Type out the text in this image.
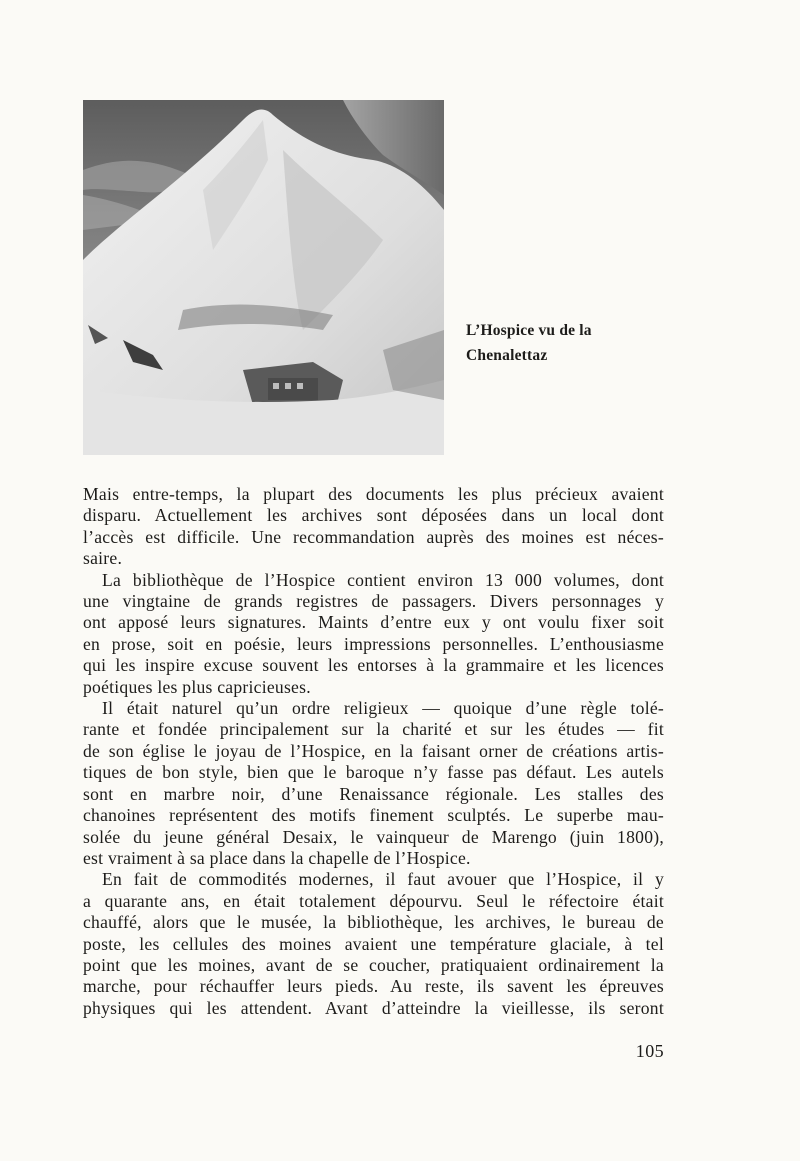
L’Hospice vu de la
Chenalettaz

Mais entre-temps, la plupart des documents les plus précieux avaient

disparu. Actuellement les archives sont déposées dans un local dont

l’accès est difficile. Une recommandation auprès des moines est néces-

saire.

La bibliothèque de l’Hospice contient environ 13 000 volumes, dont

une vingtaine de grands registres de passagers. Divers personnages y

ont apposé leurs signatures. Maints d’entre eux y ont voulu fixer soit

en prose, soit en poésie, leurs impressions personnelles. L’enthousiasme

qui les inspire excuse souvent les entorses à la grammaire et les licences

poétiques les plus capricieuses.

Il était naturel qu’un ordre religieux — quoique d’une règle tolé-

rante et fondée principalement sur la charité et sur les études — fit

de son église le joyau de l’Hospice, en la faisant orner de créations artis-

tiques de bon style, bien que le baroque n’y fasse pas défaut. Les autels

sont en marbre noir, d’une Renaissance régionale. Les stalles des

chanoines représentent des motifs finement sculptés. Le superbe mau-

solée du jeune général Desaix, le vainqueur de Marengo (juin 1800),

est vraiment à sa place dans la chapelle de l’Hospice.

En fait de commodités modernes, il faut avouer que l’Hospice, il y

a quarante ans, en était totalement dépourvu. Seul le réfectoire était

chauffé, alors que le musée, la bibliothèque, les archives, le bureau de

poste, les cellules des moines avaient une température glaciale, à tel

point que les moines, avant de se coucher, pratiquaient ordinairement la

marche, pour réchauffer leurs pieds. Au reste, ils savent les épreuves

physiques qui les attendent. Avant d’atteindre la vieillesse, ils seront

105
